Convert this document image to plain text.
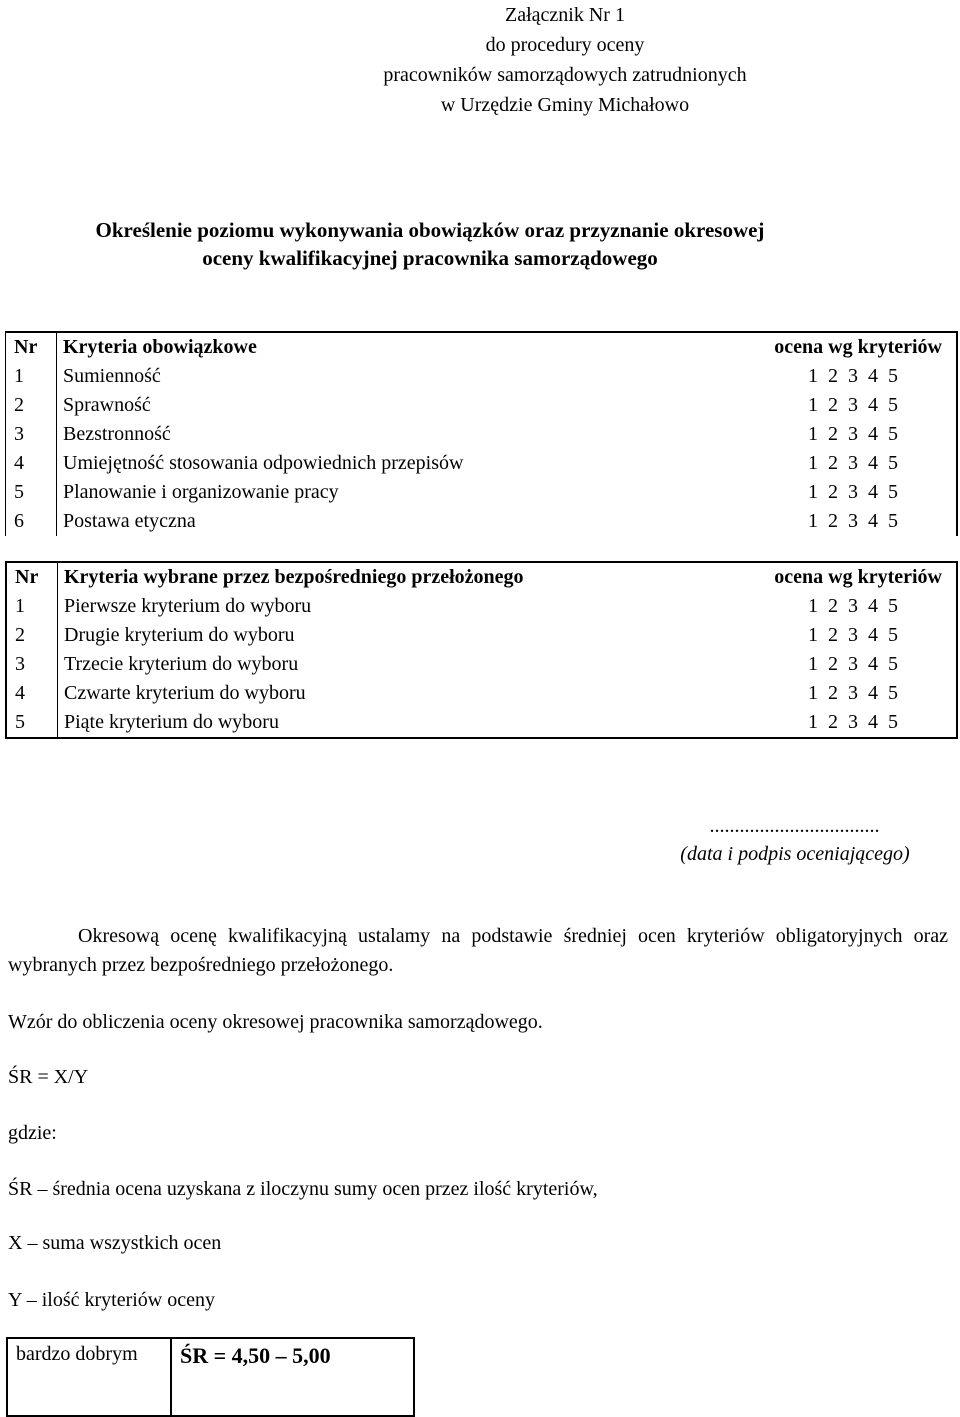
Załącznik Nr 1
do procedury oceny
pracowników samorządowych zatrudnionych
w Urzędzie Gminy Michałowo
Określenie poziomu wykonywania obowiązków oraz przyznanie okresowej
oceny kwalifikacyjnej pracownika samorządowego
Nr	Kryteria obowiązkowe	ocena wg kryteriów
1	Sumienność	1  2  3  4  5
2	Sprawność	1  2  3  4  5
3	Bezstronność	1  2  3  4  5
4	Umiejętność stosowania odpowiednich przepisów	1  2  3  4  5
5	Planowanie i organizowanie pracy	1  2  3  4  5
6	Postawa etyczna	1  2  3  4  5
Nr	Kryteria wybrane przez bezpośredniego przełożonego	ocena wg kryteriów
1	Pierwsze kryterium do wyboru	1  2  3  4  5
2	Drugie kryterium do wyboru	1  2  3  4  5
3	Trzecie kryterium do wyboru	1  2  3  4  5
4	Czwarte kryterium do wyboru	1  2  3  4  5
5	Piąte kryterium do wyboru	1  2  3  4  5
..................................
(data i podpis oceniającego)
Okresową ocenę kwalifikacyjną ustalamy na podstawie średniej ocen kryteriów obligatoryjnych oraz wybranych przez bezpośredniego przełożonego.
Wzór do obliczenia oceny okresowej pracownika samorządowego.
ŚR = X/Y
gdzie:
ŚR – średnia ocena uzyskana z iloczynu sumy ocen przez ilość kryteriów,
X – suma wszystkich ocen
Y – ilość kryteriów oceny
bardzo dobrym	ŚR = 4,50 – 5,00
